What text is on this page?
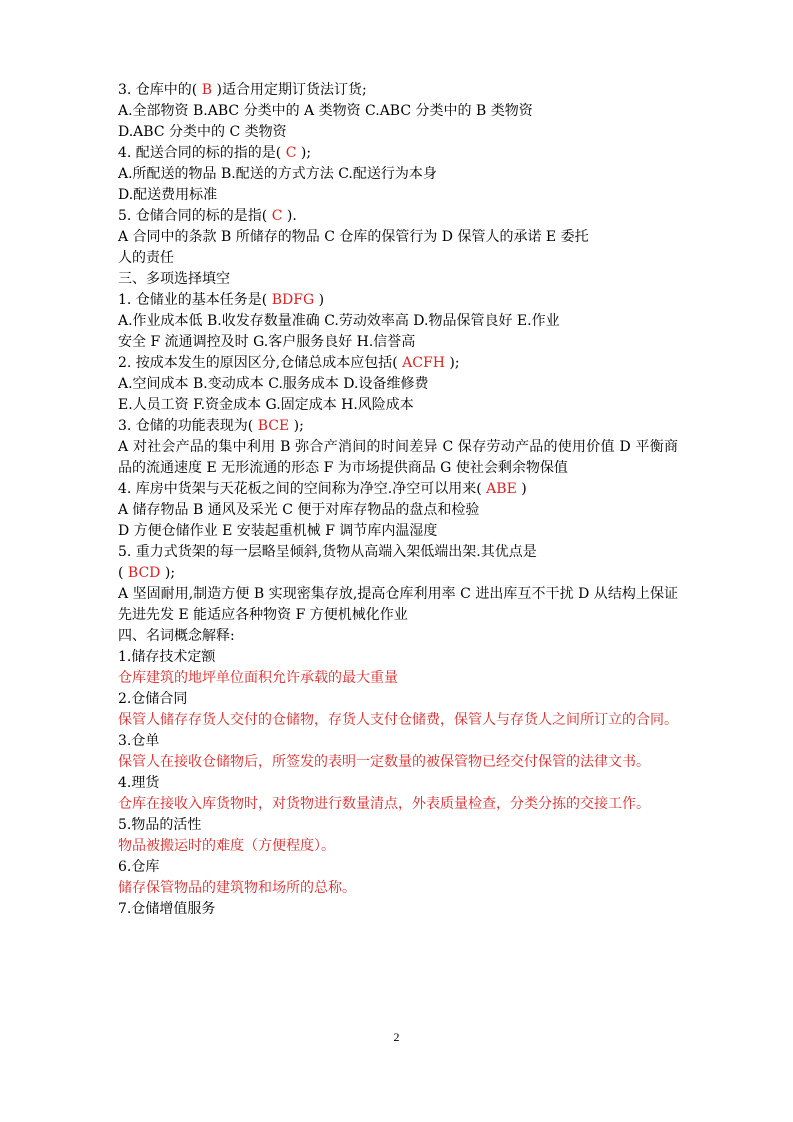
3. 仓库中的( B )适合用定期订货法订货;
A.全部物资 B.ABC 分类中的 A 类物资 C.ABC 分类中的 B 类物资
D.ABC 分类中的 C 类物资
4. 配送合同的标的指的是( C );
A.所配送的物品 B.配送的方式方法 C.配送行为本身
D.配送费用标准
5. 仓储合同的标的是指( C ).
A 合同中的条款 B 所储存的物品 C 仓库的保管行为 D 保管人的承诺 E 委托
人的责任
三、多项选择填空
1. 仓储业的基本任务是( BDFG )
A.作业成本低 B.收发存数量准确 C.劳动效率高 D.物品保管良好 E.作业
安全 F 流通调控及时 G.客户服务良好 H.信誉高
2. 按成本发生的原因区分,仓储总成本应包括( ACFH );
A.空间成本 B.变动成本 C.服务成本 D.设备维修费
E.人员工资 F.资金成本 G.固定成本 H.风险成本
3. 仓储的功能表现为( BCE );
A 对社会产品的集中利用 B 弥合产消间的时间差异 C 保存劳动产品的使用价值 D 平衡商品的流通速度 E 无形流通的形态 F 为市场提供商品 G 使社会剩余物保值
4. 库房中货架与天花板之间的空间称为净空.净空可以用来( ABE )
A 储存物品 B 通风及采光 C 便于对库存物品的盘点和检验
D 方便仓储作业 E 安装起重机械 F 调节库内温湿度
5. 重力式货架的每一层略呈倾斜,货物从高端入架低端出架.其优点是
( BCD );
A 坚固耐用,制造方便 B 实现密集存放,提高仓库利用率 C 进出库互不干扰 D 从结构上保证先进先发 E 能适应各种物资 F 方便机械化作业
四、名词概念解释:
1.储存技术定额
仓库建筑的地坪单位面积允许承载的最大重量
2.仓储合同
保管人储存存货人交付的仓储物，存货人支付仓储费，保管人与存货人之间所订立的合同。
3.仓单
保管人在接收仓储物后，所签发的表明一定数量的被保管物已经交付保管的法律文书。
4.理货
仓库在接收入库货物时，对货物进行数量清点，外表质量检查，分类分拣的交接工作。
5.物品的活性
物品被搬运时的难度（方便程度）。
6.仓库
储存保管物品的建筑物和场所的总称。
7.仓储增值服务
2
